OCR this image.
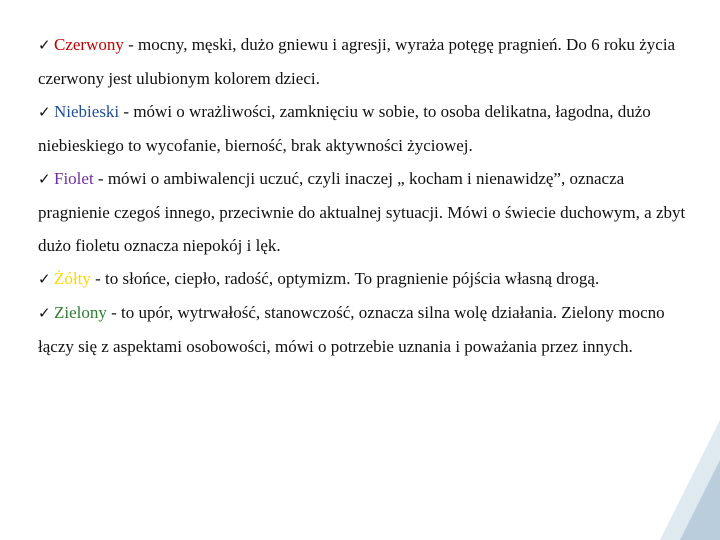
✓ Czerwony - mocny, męski, dużo gniewu i agresji, wyraża potęgę pragnień. Do 6 roku życia czerwony jest ulubionym kolorem dzieci.

✓ Niebieski - mówi o wrażliwości, zamknięciu w sobie, to osoba delikatna, łagodna, dużo niebieskiego to wycofanie, bierność, brak aktywności życiowej.

✓ Fiolet - mówi o ambiwalencji uczuć, czyli inaczej „ kocham i nienawidzę”, oznacza pragnienie czegoś innego, przeciwnie do aktualnej sytuacji. Mówi o świecie duchowym, a zbyt dużo fioletu oznacza niepokój i lęk.

✓ Żółty - to słońce, ciepło, radość, optymizm. To pragnienie pójścia własną drogą.

✓ Zielony - to upór, wytrwałość, stanowczość, oznacza silna wolę działania. Zielony mocno łączy się z aspektami osobowości, mówi o potrzebie uznania i poważania przez innych.
